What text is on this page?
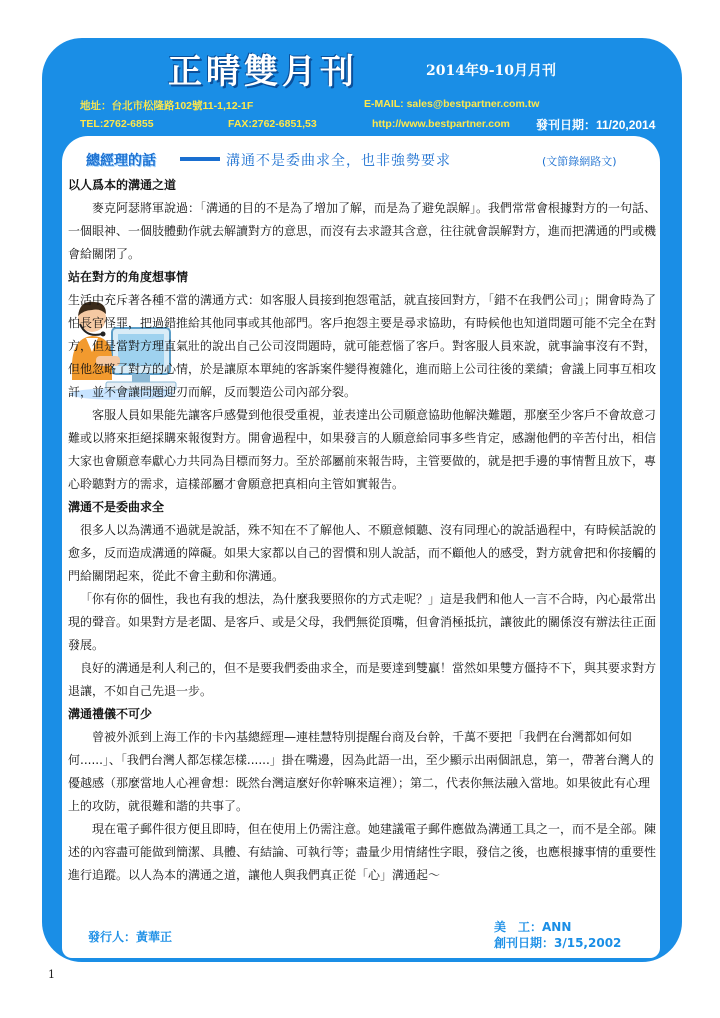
正晴雙月刊	2014年9-10月月刊
地址：台北市松隆路102號11-1,12-1F	E-MAIL: sales@bestpartner.com.tw
TEL:2762-6855	FAX:2762-6851,53	http://www.bestpartner.com 發刊日期：11/20,2014
總經理的話	溝通不是委曲求全，也非強勢要求	(文節錄網路文)

以人爲本的溝通之道

麥克阿瑟將軍說過：「溝通的目的不是為了增加了解，而是為了避免誤解」。我們常常會根據對方的一句話、一個眼神、一個肢體動作就去解讀對方的意思，而沒有去求證其含意，往往就會誤解對方，進而把溝通的門或機會給關閉了。

站在對方的角度想事情

生活中充斥著各種不當的溝通方式：如客服人員接到抱怨電話，就直接回對方，「錯不在我們公司」；開會時為了怕長官怪罪，把過錯推給其他同事或其他部門。客戶抱怨主要是尋求協助，有時候他也知道問題可能不完全在對方，但是當對方理直氣壯的說出自己公司沒問題時，就可能惹惱了客戶。對客服人員來說，就事論事沒有不對，但他忽略了對方的心情，於是讓原本單純的客訴案件變得複雜化，進而賠上公司往後的業績；會議上同事互相攻訐，並不會讓問題迎刃而解，反而製造公司內部分裂。

客服人員如果能先讓客戶感覺到他很受重視，並表達出公司願意協助他解決難題，那麼至少客戶不會故意刁難或以將來拒絕採購來報復對方。開會過程中，如果發言的人願意給同事多些肯定，感謝他們的辛苦付出，相信大家也會願意奉獻心力共同為目標而努力。至於部屬前來報告時，主管要做的，就是把手邊的事情暫且放下，專心聆聽對方的需求，這樣部屬才會願意把真相向主管如實報告。

溝通不是委曲求全

很多人以為溝通不過就是說話，殊不知在不了解他人、不願意傾聽、沒有同理心的說話過程中，有時候話說的愈多，反而造成溝通的障礙。如果大家都以自己的習慣和別人說話，而不顧他人的感受，對方就會把和你接觸的門給關閉起來，從此不會主動和你溝通。

「你有你的個性，我也有我的想法，為什麼我要照你的方式走呢？」這是我們和他人一言不合時，內心最常出現的聲音。如果對方是老闆、是客戶、或是父母，我們無從頂嘴，但會消極抵抗，讓彼此的關係沒有辦法往正面發展。

良好的溝通是利人利己的，但不是要我們委曲求全，而是要達到雙贏！當然如果雙方僵持不下，與其要求對方退讓，不如自己先退一步。

溝通禮儀不可少

曾被外派到上海工作的卡內基總經理—連桂慧特別提醒台商及台幹，千萬不要把「我們在台灣都如何如何......」、「我們台灣人都怎樣怎樣......」掛在嘴邊，因為此語一出，至少顯示出兩個訊息，第一，帶著台灣人的優越感（那麼當地人心裡會想：既然台灣這麼好你幹嘛來這裡）；第二，代表你無法融入當地。如果彼此有心理上的攻防，就很難和諧的共事了。

現在電子郵件很方便且即時，但在使用上仍需注意。她建議電子郵件應做為溝通工具之一，而不是全部。陳述的內容盡可能做到簡潔、具體、有結論、可執行等；盡量少用情緒性字眼，發信之後，也應根據事情的重要性進行追蹤。以人為本的溝通之道，讓他人與我們真正從「心」溝通起～

發行人：黃華正
美　工：ANN
創刊日期：3/15,2002
1
